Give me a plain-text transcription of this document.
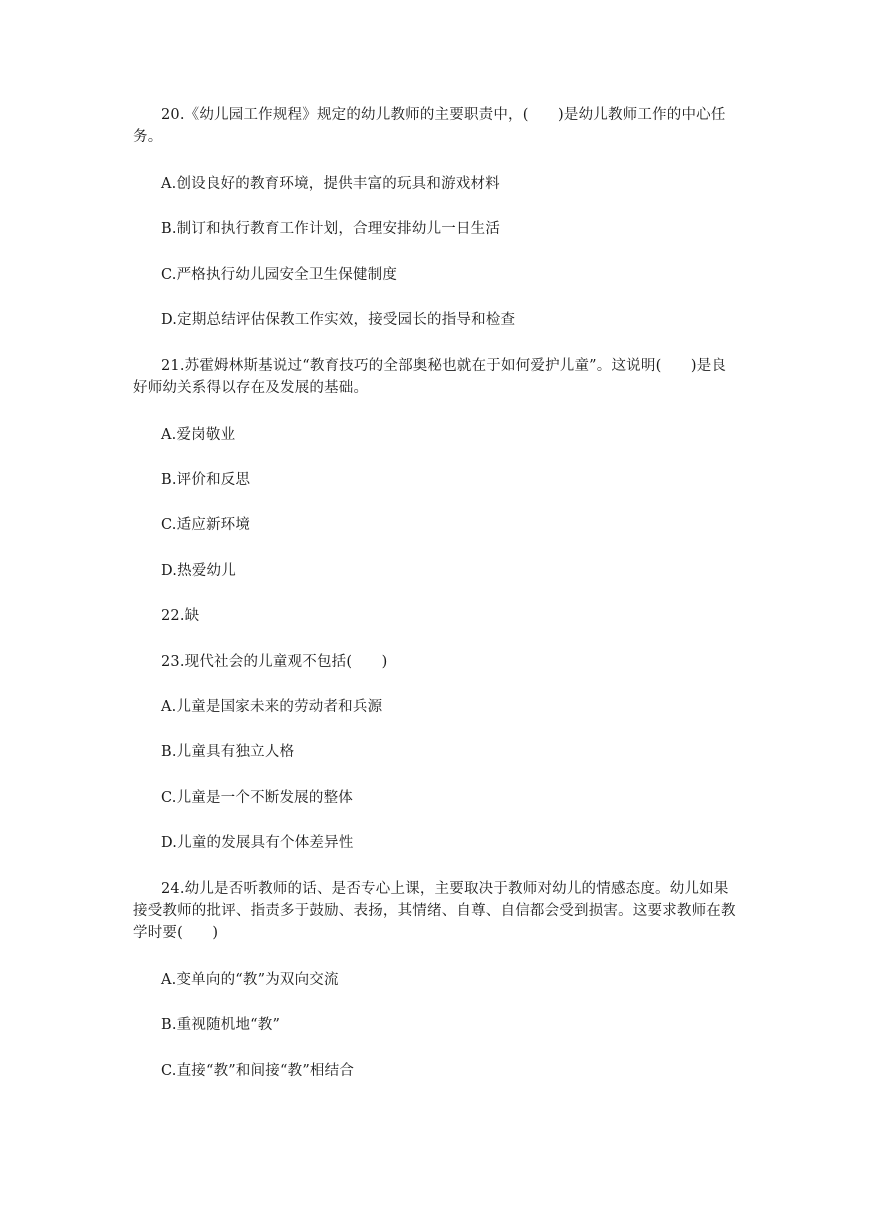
20.《幼儿园工作规程》规定的幼儿教师的主要职责中，(　　)是幼儿教师工作的中心任务。
A.创设良好的教育环境，提供丰富的玩具和游戏材料
B.制订和执行教育工作计划，合理安排幼儿一日生活
C.严格执行幼儿园安全卫生保健制度
D.定期总结评估保教工作实效，接受园长的指导和检查
21.苏霍姆林斯基说过“教育技巧的全部奥秘也就在于如何爱护儿童”。这说明(　　)是良好师幼关系得以存在及发展的基础。
A.爱岗敬业
B.评价和反思
C.适应新环境
D.热爱幼儿
22.缺
23.现代社会的儿童观不包括(　　)
A.儿童是国家未来的劳动者和兵源
B.儿童具有独立人格
C.儿童是一个不断发展的整体
D.儿童的发展具有个体差异性
24.幼儿是否听教师的话、是否专心上课，主要取决于教师对幼儿的情感态度。幼儿如果接受教师的批评、指责多于鼓励、表扬，其情绪、自尊、自信都会受到损害。这要求教师在教学时要(　　)
A.变单向的“教”为双向交流
B.重视随机地“教”
C.直接“教”和间接“教”相结合
